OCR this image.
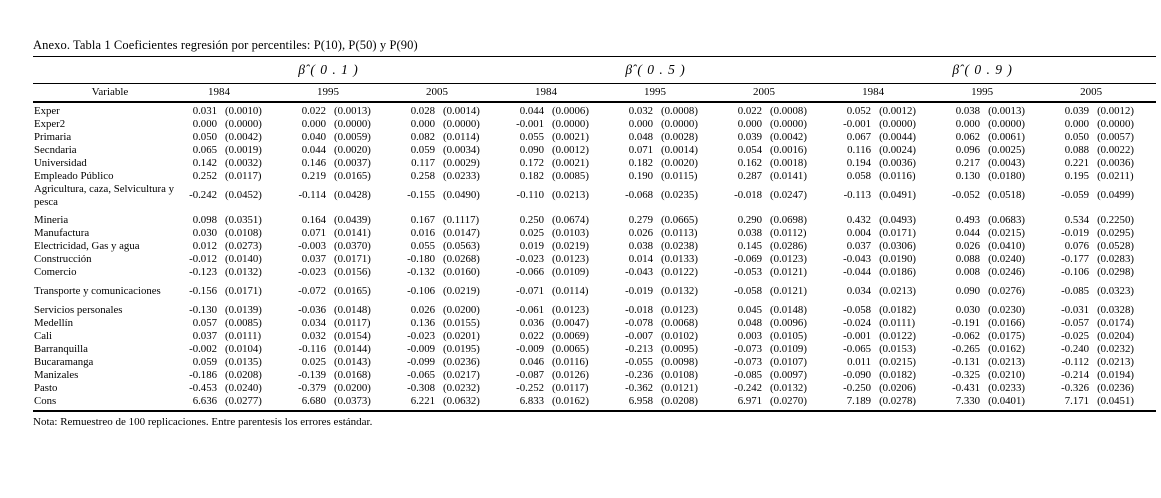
Anexo. Tabla 1 Coeficientes regresión por percentiles: P(10), P(50) y P(90)
	β̂ ( 0 . 1 )			β̂ ( 0 . 5 )			β̂ ( 0 . 9 )		
Variable	1984	1995	2005	1984	1995	2005	1984	1995	2005
Exper	0.031 (0.0010)	0.022 (0.0013)	0.028 (0.0014)	0.044 (0.0006)	0.032 (0.0008)	0.022 (0.0008)	0.052 (0.0012)	0.038 (0.0013)	0.039 (0.0012)

Exper2	0.000 (0.0000)	0.000 (0.0000)	0.000 (0.0000)	-0.001 (0.0000)	0.000 (0.0000)	0.000 (0.0000)	-0.001 (0.0000)	0.000 (0.0000)	0.000 (0.0000)

Primaria	0.050 (0.0042)	0.040 (0.0059)	0.082 (0.0114)	0.055 (0.0021)	0.048 (0.0028)	0.039 (0.0042)	0.067 (0.0044)	0.062 (0.0061)	0.050 (0.0057)

Secndaria	0.065 (0.0019)	0.044 (0.0020)	0.059 (0.0034)	0.090 (0.0012)	0.071 (0.0014)	0.054 (0.0016)	0.116 (0.0024)	0.096 (0.0025)	0.088 (0.0022)

Universidad	0.142 (0.0032)	0.146 (0.0037)	0.117 (0.0029)	0.172 (0.0021)	0.182 (0.0020)	0.162 (0.0018)	0.194 (0.0036)	0.217 (0.0043)	0.221 (0.0036)

Empleado Público	0.252 (0.0117)	0.219 (0.0165)	0.258 (0.0233)	0.182 (0.0085)	0.190 (0.0115)	0.287 (0.0141)	0.058 (0.0116)	0.130 (0.0180)	0.195 (0.0211)

Agricultura, caza, Selvicultura y pesca	-0.242 (0.0452)	-0.114 (0.0428)	-0.155 (0.0490)	-0.110 (0.0213)	-0.068 (0.0235)	-0.018 (0.0247)	-0.113 (0.0491)	-0.052 (0.0518)	-0.059 (0.0499)

Mineria	0.098 (0.0351)	0.164 (0.0439)	0.167 (0.1117)	0.250 (0.0674)	0.279 (0.0665)	0.290 (0.0698)	0.432 (0.0493)	0.493 (0.0683)	0.534 (0.2250)

Manufactura	0.030 (0.0108)	0.071 (0.0141)	0.016 (0.0147)	0.025 (0.0103)	0.026 (0.0113)	0.038 (0.0112)	0.004 (0.0171)	0.044 (0.0215)	-0.019 (0.0295)

Electricidad, Gas y agua	0.012 (0.0273)	-0.003 (0.0370)	0.055 (0.0563)	0.019 (0.0219)	0.038 (0.0238)	0.145 (0.0286)	0.037 (0.0306)	0.026 (0.0410)	0.076 (0.0528)

Construcción	-0.012 (0.0140)	0.037 (0.0171)	-0.180 (0.0268)	-0.023 (0.0123)	0.014 (0.0133)	-0.069 (0.0123)	-0.043 (0.0190)	0.088 (0.0240)	-0.177 (0.0283)

Comercio	-0.123 (0.0132)	-0.023 (0.0156)	-0.132 (0.0160)	-0.066 (0.0109)	-0.043 (0.0122)	-0.053 (0.0121)	-0.044 (0.0186)	0.008 (0.0246)	-0.106 (0.0298)

Transporte y comunicaciones	-0.156 (0.0171)	-0.072 (0.0165)	-0.106 (0.0219)	-0.071 (0.0114)	-0.019 (0.0132)	-0.058 (0.0121)	0.034 (0.0213)	0.090 (0.0276)	-0.085 (0.0323)

Servicios personales	-0.130 (0.0139)	-0.036 (0.0148)	0.026 (0.0200)	-0.061 (0.0123)	-0.018 (0.0123)	0.045 (0.0148)	-0.058 (0.0182)	0.030 (0.0230)	-0.031 (0.0328)

Medellín	0.057 (0.0085)	0.034 (0.0117)	0.136 (0.0155)	0.036 (0.0047)	-0.078 (0.0068)	0.048 (0.0096)	-0.024 (0.0111)	-0.191 (0.0166)	-0.057 (0.0174)

Cali	0.037 (0.0111)	0.032 (0.0154)	-0.023 (0.0201)	0.022 (0.0069)	-0.007 (0.0102)	0.003 (0.0105)	-0.001 (0.0122)	-0.062 (0.0175)	-0.025 (0.0204)

Barranquilla	-0.002 (0.0104)	-0.116 (0.0144)	-0.009 (0.0195)	-0.009 (0.0065)	-0.213 (0.0095)	-0.073 (0.0109)	-0.065 (0.0153)	-0.265 (0.0162)	-0.240 (0.0232)

Bucaramanga	0.059 (0.0135)	0.025 (0.0143)	-0.099 (0.0236)	0.046 (0.0116)	-0.055 (0.0098)	-0.073 (0.0107)	0.011 (0.0215)	-0.131 (0.0213)	-0.112 (0.0213)

Manizales	-0.186 (0.0208)	-0.139 (0.0168)	-0.065 (0.0217)	-0.087 (0.0126)	-0.236 (0.0108)	-0.085 (0.0097)	-0.090 (0.0182)	-0.325 (0.0210)	-0.214 (0.0194)

Pasto	-0.453 (0.0240)	-0.379 (0.0200)	-0.308 (0.0232)	-0.252 (0.0117)	-0.362 (0.0121)	-0.242 (0.0132)	-0.250 (0.0206)	-0.431 (0.0233)	-0.326 (0.0236)

Cons	6.636 (0.0277)	6.680 (0.0373)	6.221 (0.0632)	6.833 (0.0162)	6.958 (0.0208)	6.971 (0.0270)	7.189 (0.0278)	7.330 (0.0401)	7.171 (0.0451)
Nota: Remuestreo de 100 replicaciones. Entre parentesis los errores estándar.
